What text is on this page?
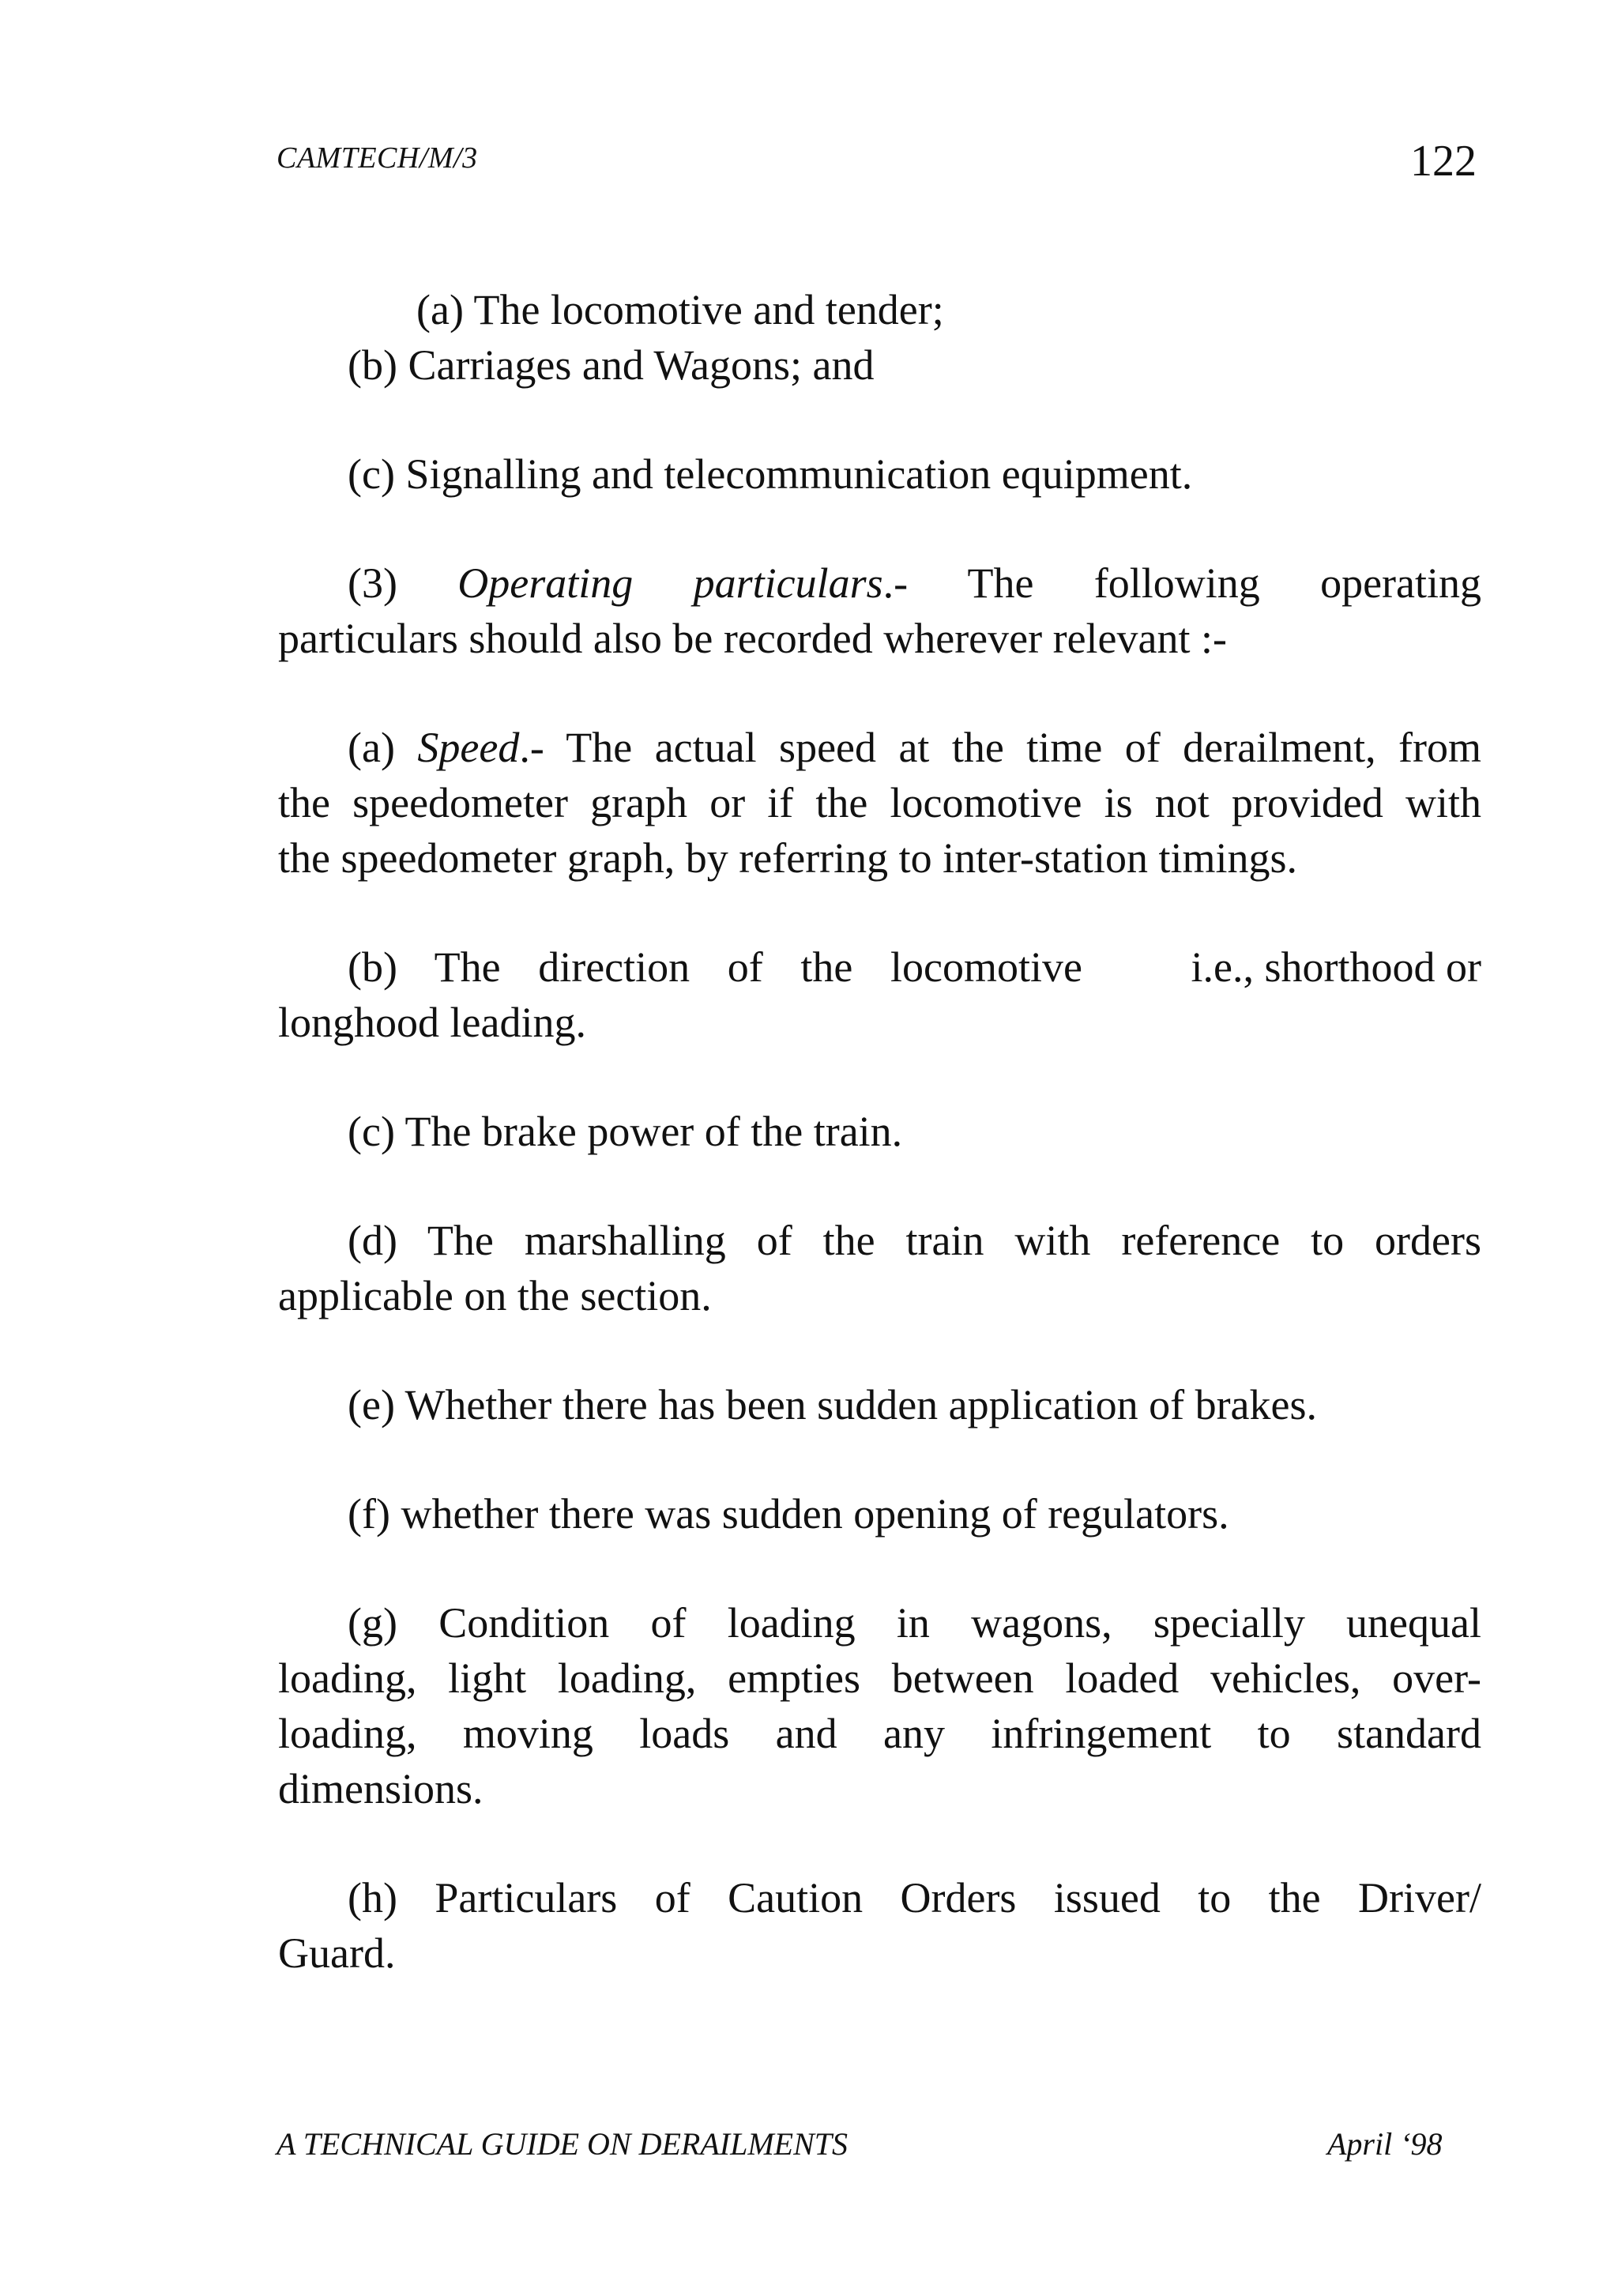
CAMTECH/M/3	122
(a) The locomotive and tender;
(b) Carriages and Wagons; and
(c) Signalling and telecommunication equipment.
(3) Operating particulars.- The following operating
particulars should also be recorded wherever relevant :-
(a) Speed.- The actual speed at the time of derailment, from
the speedometer graph or if the locomotive is not provided with
the speedometer graph, by referring to inter-station timings.
(b) The direction of the locomotive	i.e., shorthood or
longhood leading.
(c) The brake power of the train.
(d) The marshalling of the train with reference to orders
applicable on the section.
(e) Whether there has been sudden application of brakes.
(f) whether there was sudden opening of regulators.
(g) Condition of loading in wagons, specially unequal
loading, light loading, empties between loaded vehicles, over-
loading, moving loads and any infringement to standard
dimensions.
(h) Particulars of Caution Orders issued to the Driver/
Guard.
A TECHNICAL GUIDE ON DERAILMENTS	April ‘98
